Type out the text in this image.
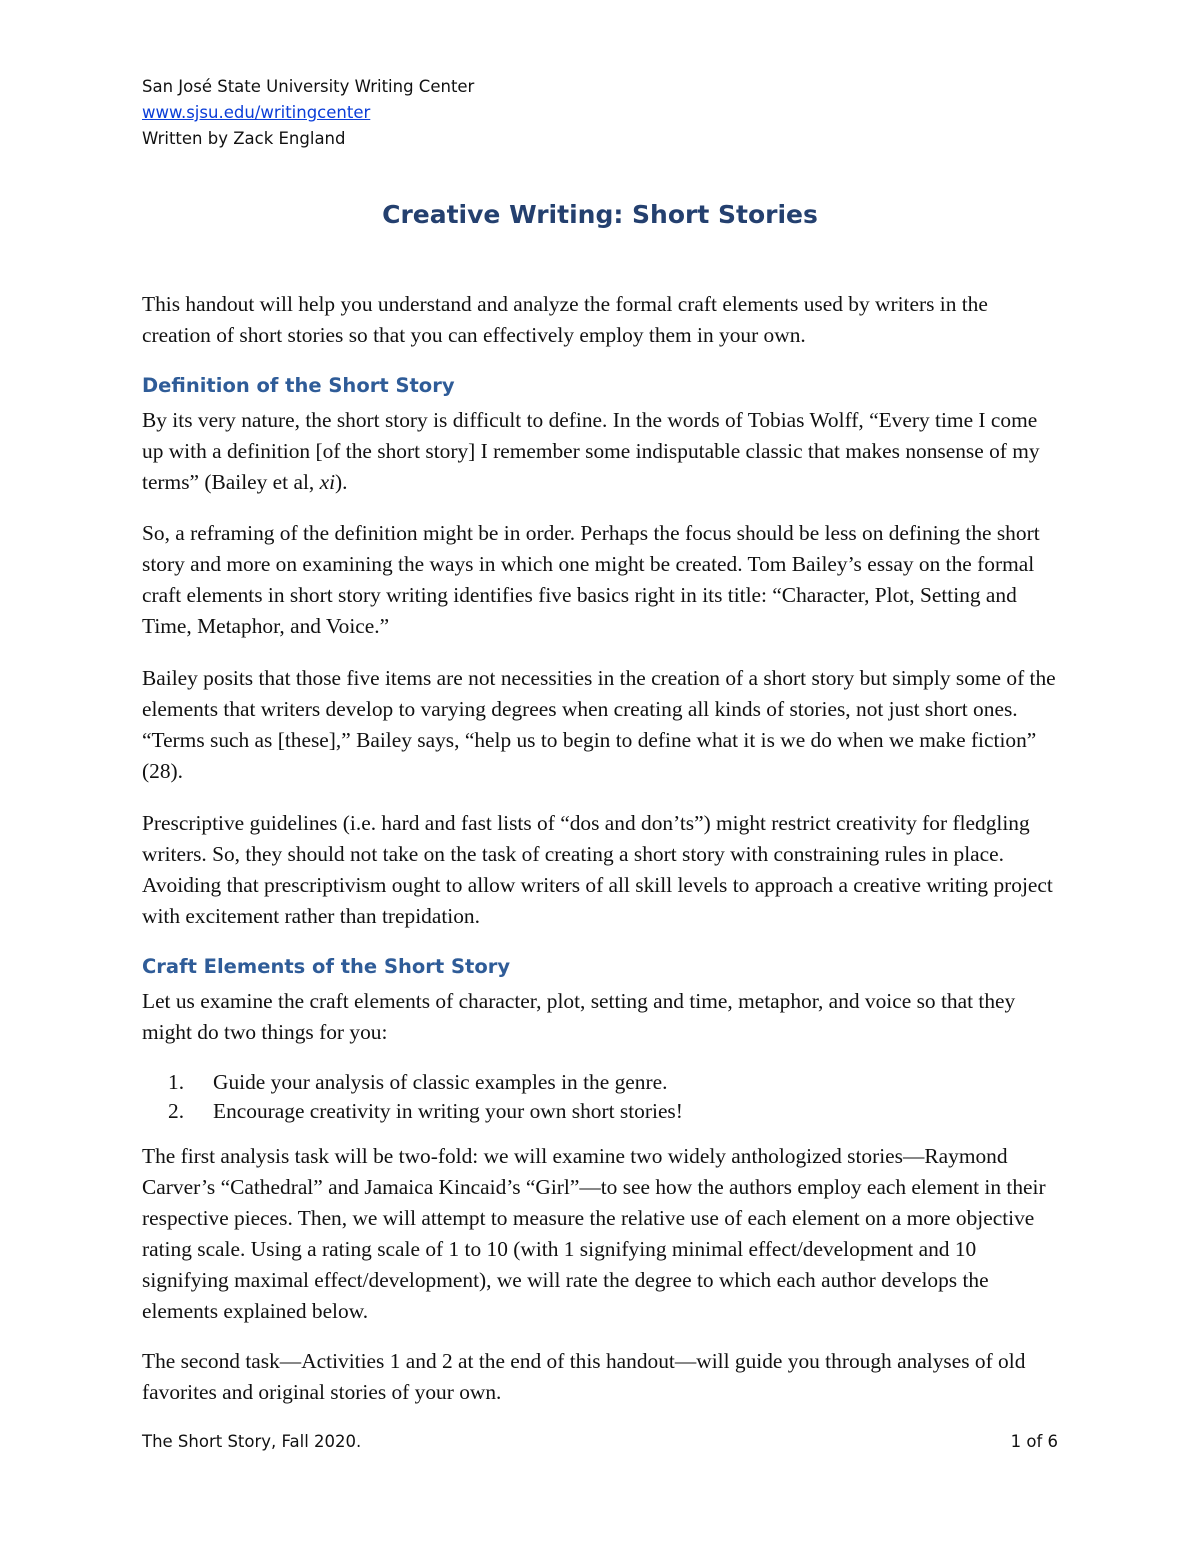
San José State University Writing Center
www.sjsu.edu/writingcenter
Written by Zack England
Creative Writing: Short Stories

This handout will help you understand and analyze the formal craft elements used by writers in the creation of short stories so that you can effectively employ them in your own.

Definition of the Short Story

By its very nature, the short story is difficult to define. In the words of Tobias Wolff, “Every time I come up with a definition [of the short story] I remember some indisputable classic that makes nonsense of my terms” (Bailey et al, xi).

So, a reframing of the definition might be in order. Perhaps the focus should be less on defining the short story and more on examining the ways in which one might be created. Tom Bailey’s essay on the formal craft elements in short story writing identifies five basics right in its title: “Character, Plot, Setting and Time, Metaphor, and Voice.”

Bailey posits that those five items are not necessities in the creation of a short story but simply some of the elements that writers develop to varying degrees when creating all kinds of stories, not just short ones. “Terms such as [these],” Bailey says, “help us to begin to define what it is we do when we make fiction” (28).

Prescriptive guidelines (i.e. hard and fast lists of “dos and don’ts”) might restrict creativity for fledgling writers. So, they should not take on the task of creating a short story with constraining rules in place. Avoiding that prescriptivism ought to allow writers of all skill levels to approach a creative writing project with excitement rather than trepidation.

Craft Elements of the Short Story

Let us examine the craft elements of character, plot, setting and time, metaphor, and voice so that they might do two things for you:

1.	Guide your analysis of classic examples in the genre.
2.	Encourage creativity in writing your own short stories!

The first analysis task will be two-fold: we will examine two widely anthologized stories—Raymond Carver’s “Cathedral” and Jamaica Kincaid’s “Girl”—to see how the authors employ each element in their respective pieces. Then, we will attempt to measure the relative use of each element on a more objective rating scale. Using a rating scale of 1 to 10 (with 1 signifying minimal effect/development and 10 signifying maximal effect/development), we will rate the degree to which each author develops the elements explained below.

The second task—Activities 1 and 2 at the end of this handout—will guide you through analyses of old favorites and original stories of your own.

The Short Story, Fall 2020.	1 of 6
